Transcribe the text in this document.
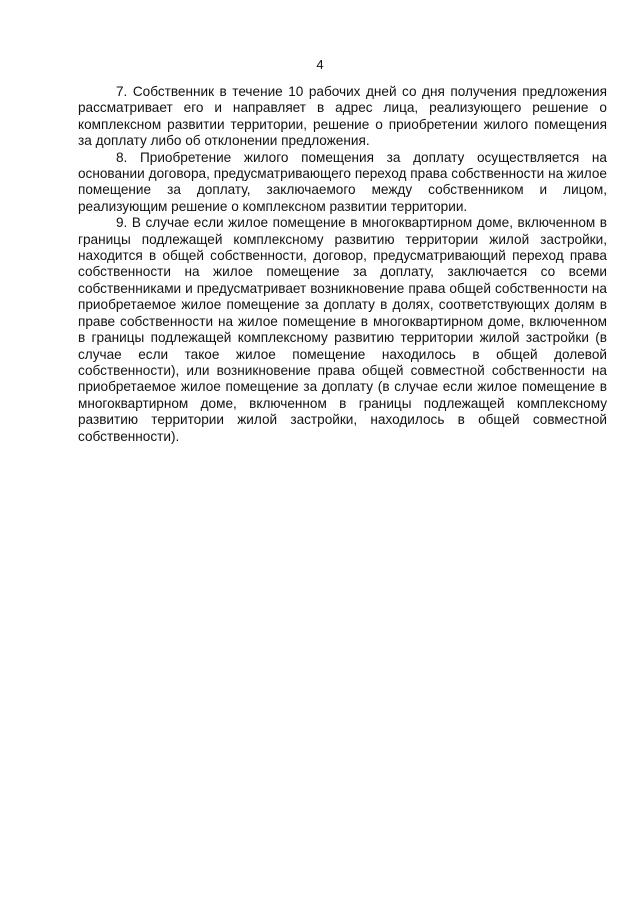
4

7. Собственник в течение 10 рабочих дней со дня получения предложения рассматривает его и направляет в адрес лица, реализующего решение о комплексном развитии территории, решение о приобретении жилого помещения за доплату либо об отклонении предложения.

8. Приобретение жилого помещения за доплату осуществляется на основании договора, предусматривающего переход права собственности на жилое помещение за доплату, заключаемого между собственником и лицом, реализующим решение о комплексном развитии территории.

9. В случае если жилое помещение в многоквартирном доме, включенном в границы подлежащей комплексному развитию территории жилой застройки, находится в общей собственности, договор, предусматривающий переход права собственности на жилое помещение за доплату, заключается со всеми собственниками и предусматривает возникновение права общей собственности на приобретаемое жилое помещение за доплату в долях, соответствующих долям в праве собственности на жилое помещение в многоквартирном доме, включенном в границы подлежащей комплексному развитию территории жилой застройки (в случае если такое жилое помещение находилось в общей долевой собственности), или возникновение права общей совместной собственности на приобретаемое жилое помещение за доплату (в случае если жилое помещение в многоквартирном доме, включенном в границы подлежащей комплексному развитию территории жилой застройки, находилось в общей совместной собственности).
